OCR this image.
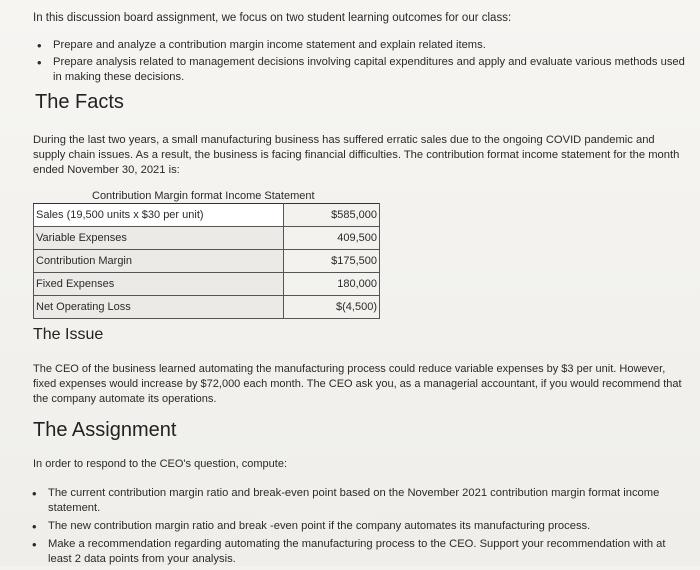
In this discussion board assignment, we focus on two student learning outcomes for our class:
• Prepare and analyze a contribution margin income statement and explain related items.
• Prepare analysis related to management decisions involving capital expenditures and apply and evaluate various methods used in making these decisions.
The Facts
During the last two years, a small manufacturing business has suffered erratic sales due to the ongoing COVID pandemic and supply chain issues. As a result, the business is facing financial difficulties. The contribution format income statement for the month ended November 30, 2021 is:
Contribution Margin format Income Statement
Sales (19,500 units x $30 per unit)	$585,000
Variable Expenses	409,500
Contribution Margin	$175,500
Fixed Expenses	180,000
Net Operating Loss	$(4,500)
The Issue
The CEO of the business learned automating the manufacturing process could reduce variable expenses by $3 per unit. However, fixed expenses would increase by $72,000 each month. The CEO ask you, as a managerial accountant, if you would recommend that the company automate its operations.
The Assignment
In order to respond to the CEO's question, compute:
• The current contribution margin ratio and break-even point based on the November 2021 contribution margin format income statement.
• The new contribution margin ratio and break -even point if the company automates its manufacturing process.
• Make a recommendation regarding automating the manufacturing process to the CEO. Support your recommendation with at least 2 data points from your analysis.
